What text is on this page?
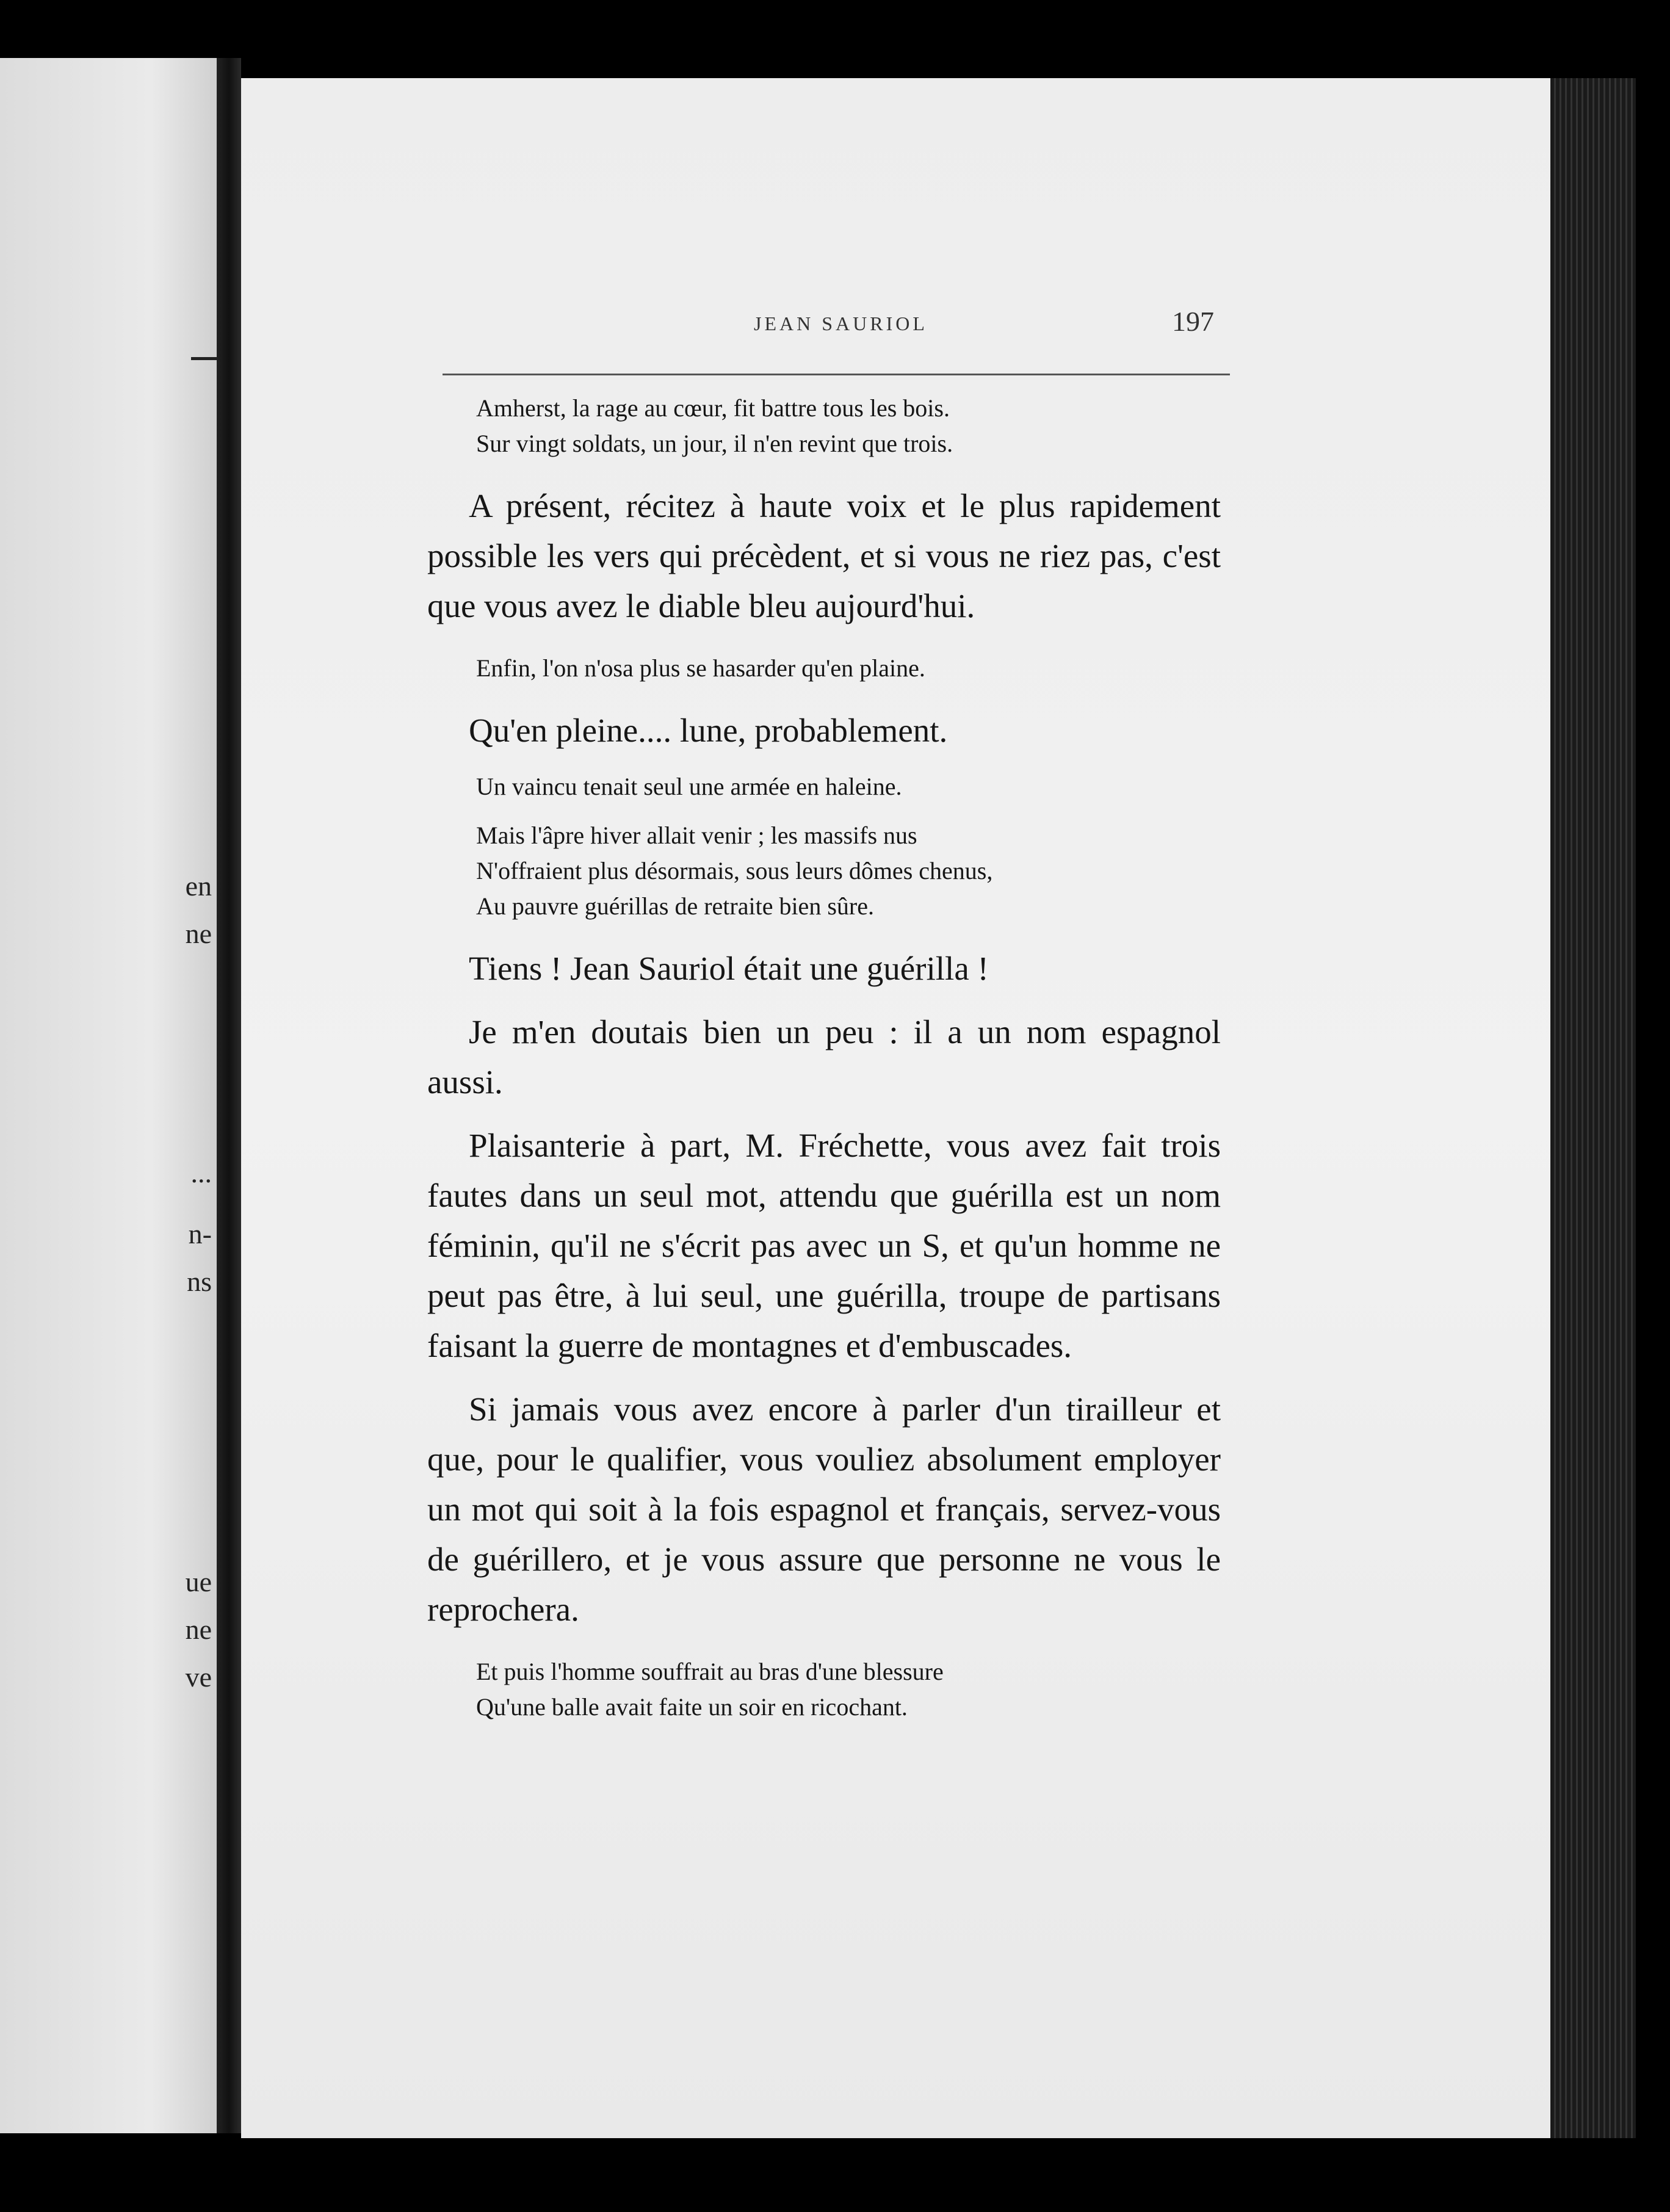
en

ne

...

n-

ns

ue

ne

ve

JEAN SAURIOL	197

Amherst, la rage au cœur, fit battre tous les bois.
Sur vingt soldats, un jour, il n'en revint que trois.

A présent, récitez à haute voix et le plus rapidement possible les vers qui précèdent, et si vous ne riez pas, c'est que vous avez le diable bleu aujourd'hui.

Enfin, l'on n'osa plus se hasarder qu'en plaine.

Qu'en pleine.... lune, probablement.

Un vaincu tenait seul une armée en haleine.
Mais l'âpre hiver allait venir ; les massifs nus
N'offraient plus désormais, sous leurs dômes chenus,
Au pauvre guérillas de retraite bien sûre.

Tiens ! Jean Sauriol était une guérilla !

Je m'en doutais bien un peu : il a un nom espagnol aussi.

Plaisanterie à part, M. Fréchette, vous avez fait trois fautes dans un seul mot, attendu que guérilla est un nom féminin, qu'il ne s'écrit pas avec un S, et qu'un homme ne peut pas être, à lui seul, une guérilla, troupe de partisans faisant la guerre de montagnes et d'embuscades.

Si jamais vous avez encore à parler d'un tirailleur et que, pour le qualifier, vous vouliez absolument employer un mot qui soit à la fois espagnol et français, servez-vous de guérillero, et je vous assure que personne ne vous le reprochera.

Et puis l'homme souffrait au bras d'une blessure
Qu'une balle avait faite un soir en ricochant.
